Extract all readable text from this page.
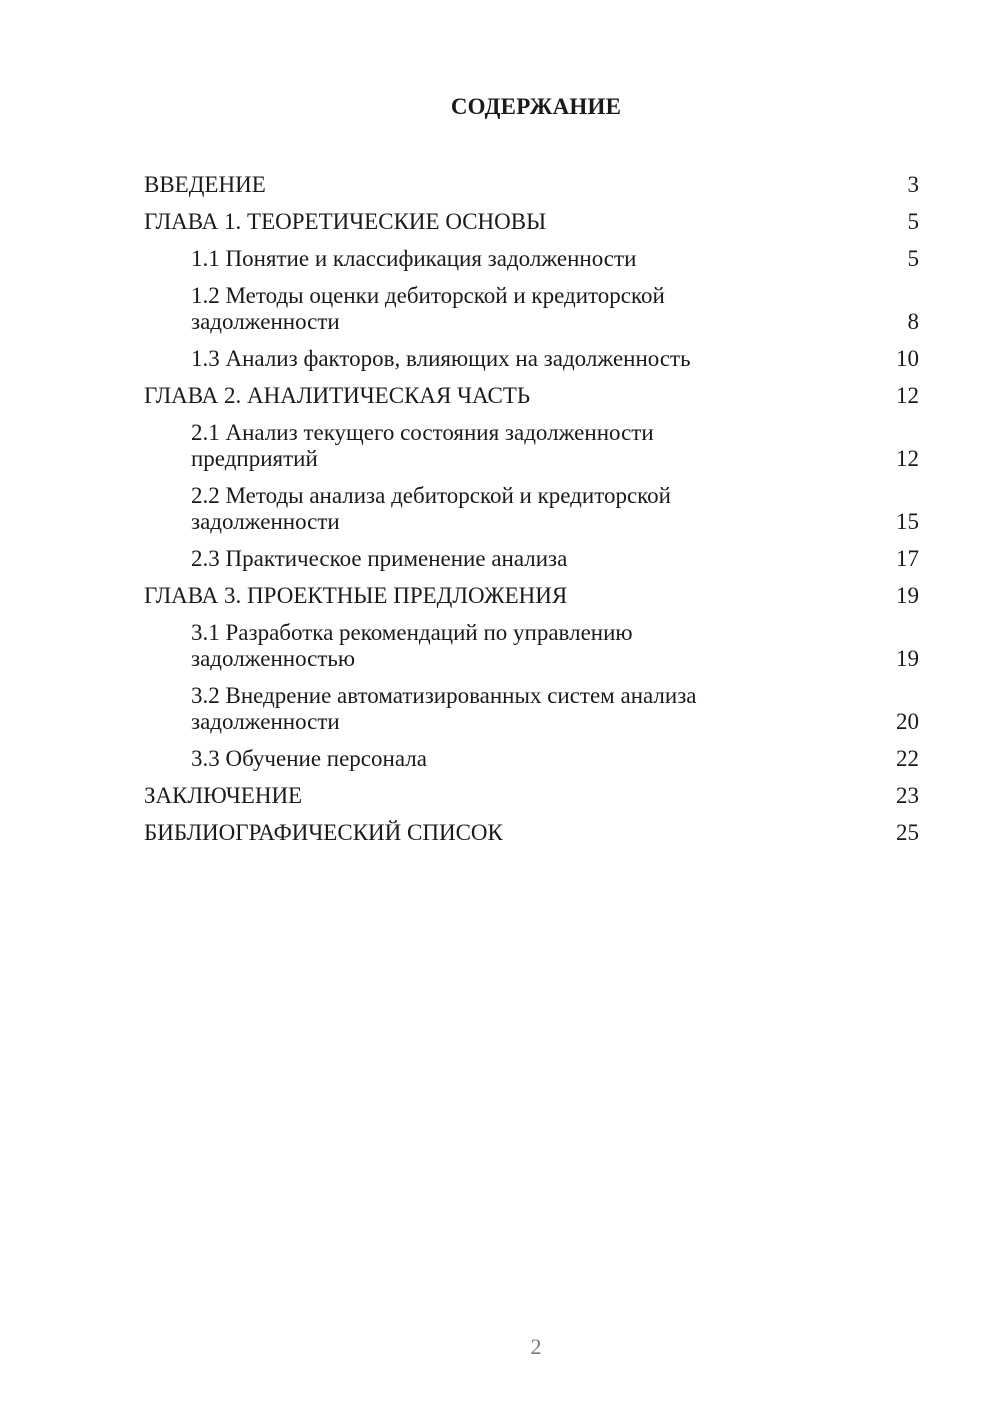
СОДЕРЖАНИЕ
ВВЕДЕНИЕ	3
ГЛАВА 1. ТЕОРЕТИЧЕСКИЕ ОСНОВЫ	5
1.1 Понятие и классификация задолженности	5
1.2 Методы оценки дебиторской и кредиторской задолженности	8
1.3 Анализ факторов, влияющих на задолженность	10
ГЛАВА 2. АНАЛИТИЧЕСКАЯ ЧАСТЬ	12
2.1 Анализ текущего состояния задолженности предприятий	12
2.2 Методы анализа дебиторской и кредиторской задолженности	15
2.3 Практическое применение анализа	17
ГЛАВА 3. ПРОЕКТНЫЕ ПРЕДЛОЖЕНИЯ	19
3.1 Разработка рекомендаций по управлению задолженностью	19
3.2 Внедрение автоматизированных систем анализа задолженности	20
3.3 Обучение персонала	22
ЗАКЛЮЧЕНИЕ	23
БИБЛИОГРАФИЧЕСКИЙ СПИСОК	25
2
